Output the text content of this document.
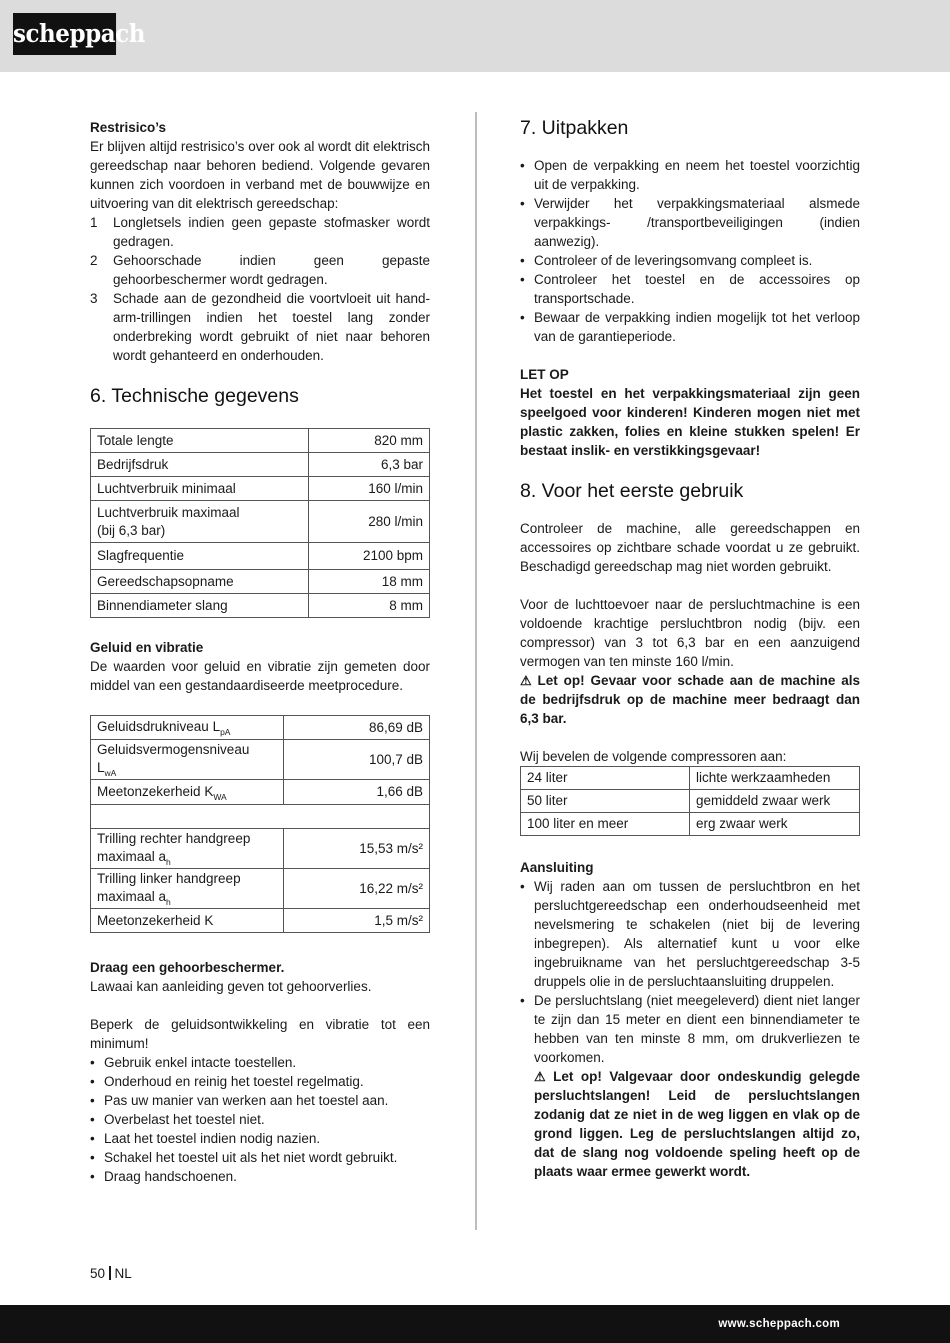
scheppach

Restrisico’s

Er blijven altijd restrisico’s over ook al wordt dit elektrisch gereedschap naar behoren bediend. Volgende gevaren kunnen zich voordoen in verband met de bouwwijze en uitvoering van dit elektrisch gereedschap:

1 Longletsels indien geen gepaste stofmasker wordt gedragen.
2 Gehoorschade indien geen gepaste gehoorbeschermer wordt gedragen.
3 Schade aan de gezondheid die voortvloeit uit hand-arm-trillingen indien het toestel lang zonder onderbreking wordt gebruikt of niet naar behoren wordt gehanteerd en onderhouden.
6. Technische gegevens
Totale lengte	820 mm
Bedrijfsdruk	6,3 bar
Luchtverbruik minimaal	160 l/min
Luchtverbruik maximaal
(bij 6,3 bar)	280 l/min
Slagfrequentie	2100 bpm
Gereedschapsopname	18 mm
Binnendiameter slang	8 mm

Geluid en vibratie

De waarden voor geluid en vibratie zijn gemeten door middel van een gestandaardiseerde meetprocedure.

Geluidsdrukniveau $L_{pA}$	86,69 dB
Geluidsvermogensniveau
$L_{wA}$	100,7 dB
Meetonzekerheid $K_{WA}$	1,66 dB

Trilling rechter handgreep
maximaal $a_h$	15,53 m/s²
Trilling linker handgreep
maximaal $a_h$	16,22 m/s²
Meetonzekerheid K	1,5 m/s²

Draag een gehoorbeschermer.

Lawaai kan aanleiding geven tot gehoorverlies.

Beperk de geluidsontwikkeling en vibratie tot een minimum!

• Gebruik enkel intacte toestellen.
• Onderhoud en reinig het toestel regelmatig.
• Pas uw manier van werken aan het toestel aan.
• Overbelast het toestel niet.
• Laat het toestel indien nodig nazien.
• Schakel het toestel uit als het niet wordt gebruikt.
• Draag handschoenen.
7. Uitpakken
• Open de verpakking en neem het toestel voorzichtig uit de verpakking.
• Verwijder het verpakkingsmateriaal alsmede verpakkings- /transportbeveiligingen (indien aanwezig).
• Controleer of de leveringsomvang compleet is.
• Controleer het toestel en de accessoires op transportschade.
• Bewaar de verpakking indien mogelijk tot het verloop van de garantieperiode.

LET OP

Het toestel en het verpakkingsmateriaal zijn geen speelgoed voor kinderen! Kinderen mogen niet met plastic zakken, folies en kleine stukken spelen! Er bestaat inslik- en verstikkingsgevaar!

8. Voor het eerste gebruik

Controleer de machine, alle gereedschappen en accessoires op zichtbare schade voordat u ze gebruikt. Beschadigd gereedschap mag niet worden gebruikt.

Voor de luchttoevoer naar de persluchtmachine is een voldoende krachtige persluchtbron nodig (bijv. een compressor) van 3 tot 6,3 bar en een aanzuigend vermogen van ten minste 160 l/min.

⚠ Let op! Gevaar voor schade aan de machine als de bedrijfsdruk op de machine meer bedraagt dan 6,3 bar.

Wij bevelen de volgende compressoren aan:

24 liter	lichte werkzaamheden
50 liter	gemiddeld zwaar werk
100 liter en meer	erg zwaar werk

Aansluiting

• Wij raden aan om tussen de persluchtbron en het persluchtgereedschap een onderhoudseenheid met nevelsmering te schakelen (niet bij de levering inbegrepen). Als alternatief kunt u voor elke ingebruikname van het persluchtgereedschap 3-5 druppels olie in de persluchtaansluiting druppelen.
• De persluchtslang (niet meegeleverd) dient niet langer te zijn dan 15 meter en dient een binnendiameter te hebben van ten minste 8 mm, om drukverliezen te voorkomen.
⚠ Let op! Valgevaar door ondeskundig gelegde persluchtslangen! Leid de persluchtslangen zodanig dat ze niet in de weg liggen en vlak op de grond liggen. Leg de persluchtslangen altijd zo, dat de slang nog voldoende speling heeft op de plaats waar ermee gewerkt wordt.
50 NL
www.scheppach.com
